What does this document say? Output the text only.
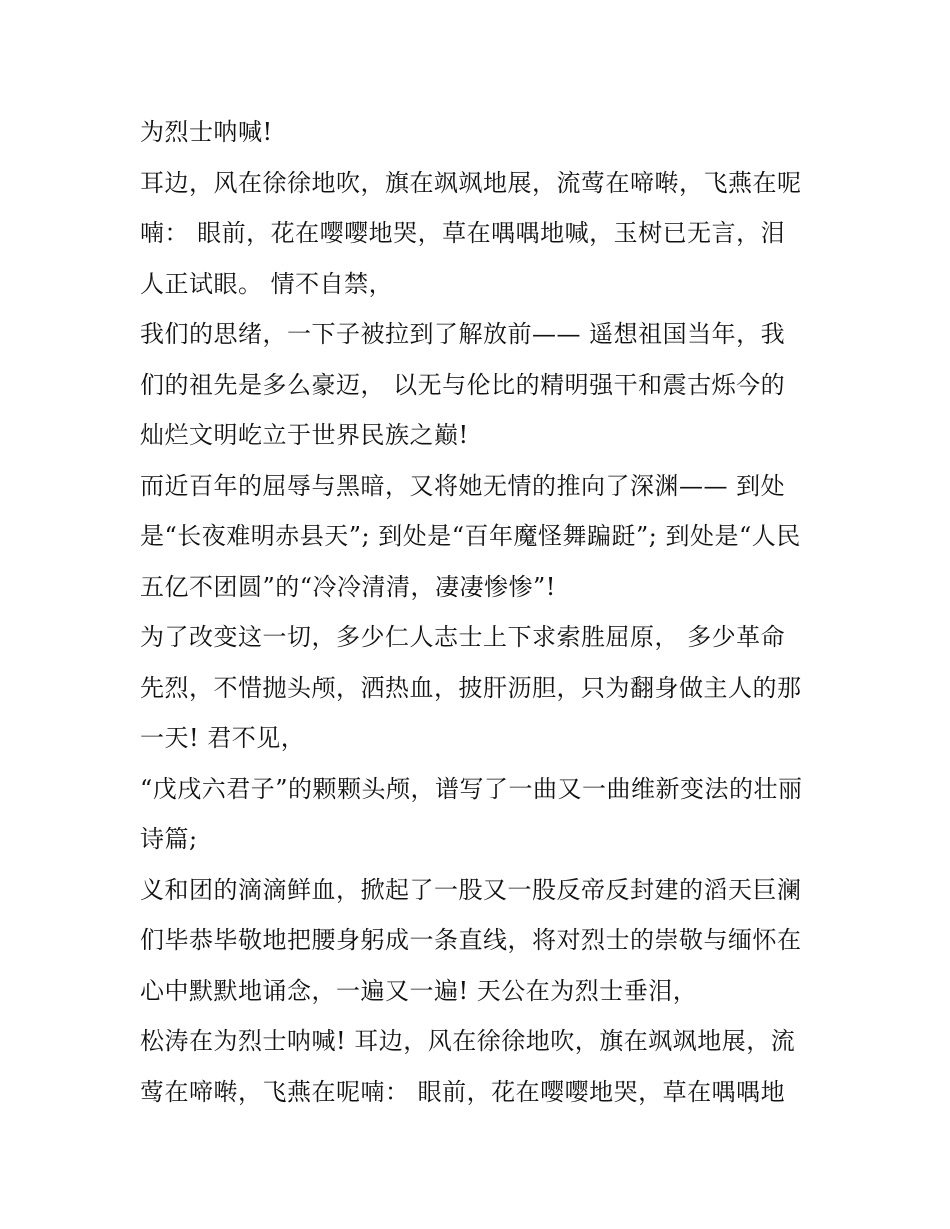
为烈士呐喊!
耳边，风在徐徐地吹，旗在飒飒地展，流莺在啼啭，飞燕在呢
喃： 眼前，花在嘤嘤地哭，草在喁喁地喊，玉树已无言，泪
人正试眼。 情不自禁，
我们的思绪，一下子被拉到了解放前—— 遥想祖国当年，我
们的祖先是多么豪迈， 以无与伦比的精明强干和震古烁今的
灿烂文明屹立于世界民族之巅!
而近百年的屈辱与黑暗，又将她无情的推向了深渊—— 到处
是“长夜难明赤县天”; 到处是“百年魔怪舞蹁跹”; 到处是“人民
五亿不团圆”的“冷冷清清，凄凄惨惨”!
为了改变这一切，多少仁人志士上下求索胜屈原， 多少革命
先烈，不惜抛头颅，洒热血，披肝沥胆，只为翻身做主人的那
一天! 君不见，
“戊戌六君子”的颗颗头颅，谱写了一曲又一曲维新变法的壮丽
诗篇;
义和团的滴滴鲜血，掀起了一股又一股反帝反封建的滔天巨澜
们毕恭毕敬地把腰身躬成一条直线，将对烈士的崇敬与缅怀在
心中默默地诵念，一遍又一遍! 天公在为烈士垂泪，
松涛在为烈士呐喊! 耳边，风在徐徐地吹，旗在飒飒地展，流
莺在啼啭，飞燕在呢喃： 眼前，花在嘤嘤地哭，草在喁喁地
